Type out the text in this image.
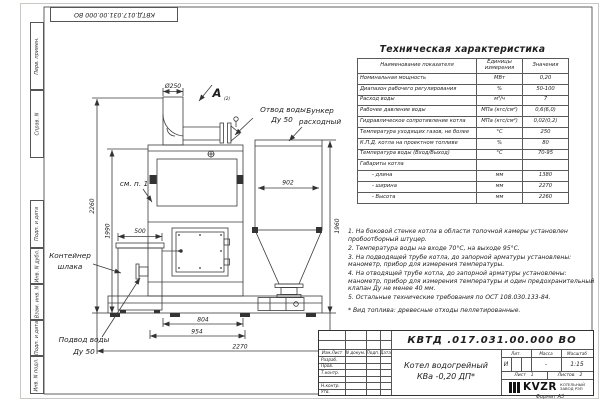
А (2)
Ø250
Отвод воды
Ду 50
Бункер
расходный
см. п. 1
Контейнер
шлака
Подвод воды
Ду 50
902
500
2260
1990	1960
804
954
2270
КВТД.017.031.00.000 ВО
Перв. примен.
Справ. N
Подп. и дата
Инв. N дубл.
Взам. инв. N
Подп. и дата
Инв. N подл.
Техническая характеристика
Наименование показателя	Единицы измерения	Значения
Номинальная мощность	МВт	0,20
Диапазон рабочего регулирования	%	50-100
Расход воды	м³/ч	7
Рабочее давление воды	МПа (кгс/см²)	0,6(6,0)
Гидравлическое сопротивление котла	МПа (кгс/см²)	0,02(0,2)
Температура уходящих газов, не более	°С	250
К.П.Д. котла на проектном топливе	%	80
Температура воды (Вход/Выход)	°С	70-95
Габариты котла		
- длина	мм	1380
- ширина	мм	2270
- Высота	мм	2260
1. На боковой стенке котла в области топочной камеры установлен пробоотборный штуцер.
2. Температура воды на входе 70°С, на выходе 95°С.
3. На подводящей трубе котла, до запорной арматуры установлены: манометр, прибор для измерения температуры.
4. На отводящей трубе котла, до запорной арматуры установлены: манометр, прибор для измерения температуры и один предохранительный клапан Ду не менее 40 мм.
5. Остальные технические требования по ОСТ 108.030.133-84.
* Вид топлива: древесные отходы пеллетированные.
КВТД .017.031.00.000 ВО
Изм.Лист N докум. Подп. Дата
Разраб.
Пров.
Т.контр.
Н.контр.
Утв.
Котел водогрейный
КВа -0,20 ДП*
Лит.	Масса	Масштаб
И	-	1:15
Лист 1	Листов 2
KVZR КОТЕЛЬНЫЙ
ЗАВОД РЭП
Формат А3
